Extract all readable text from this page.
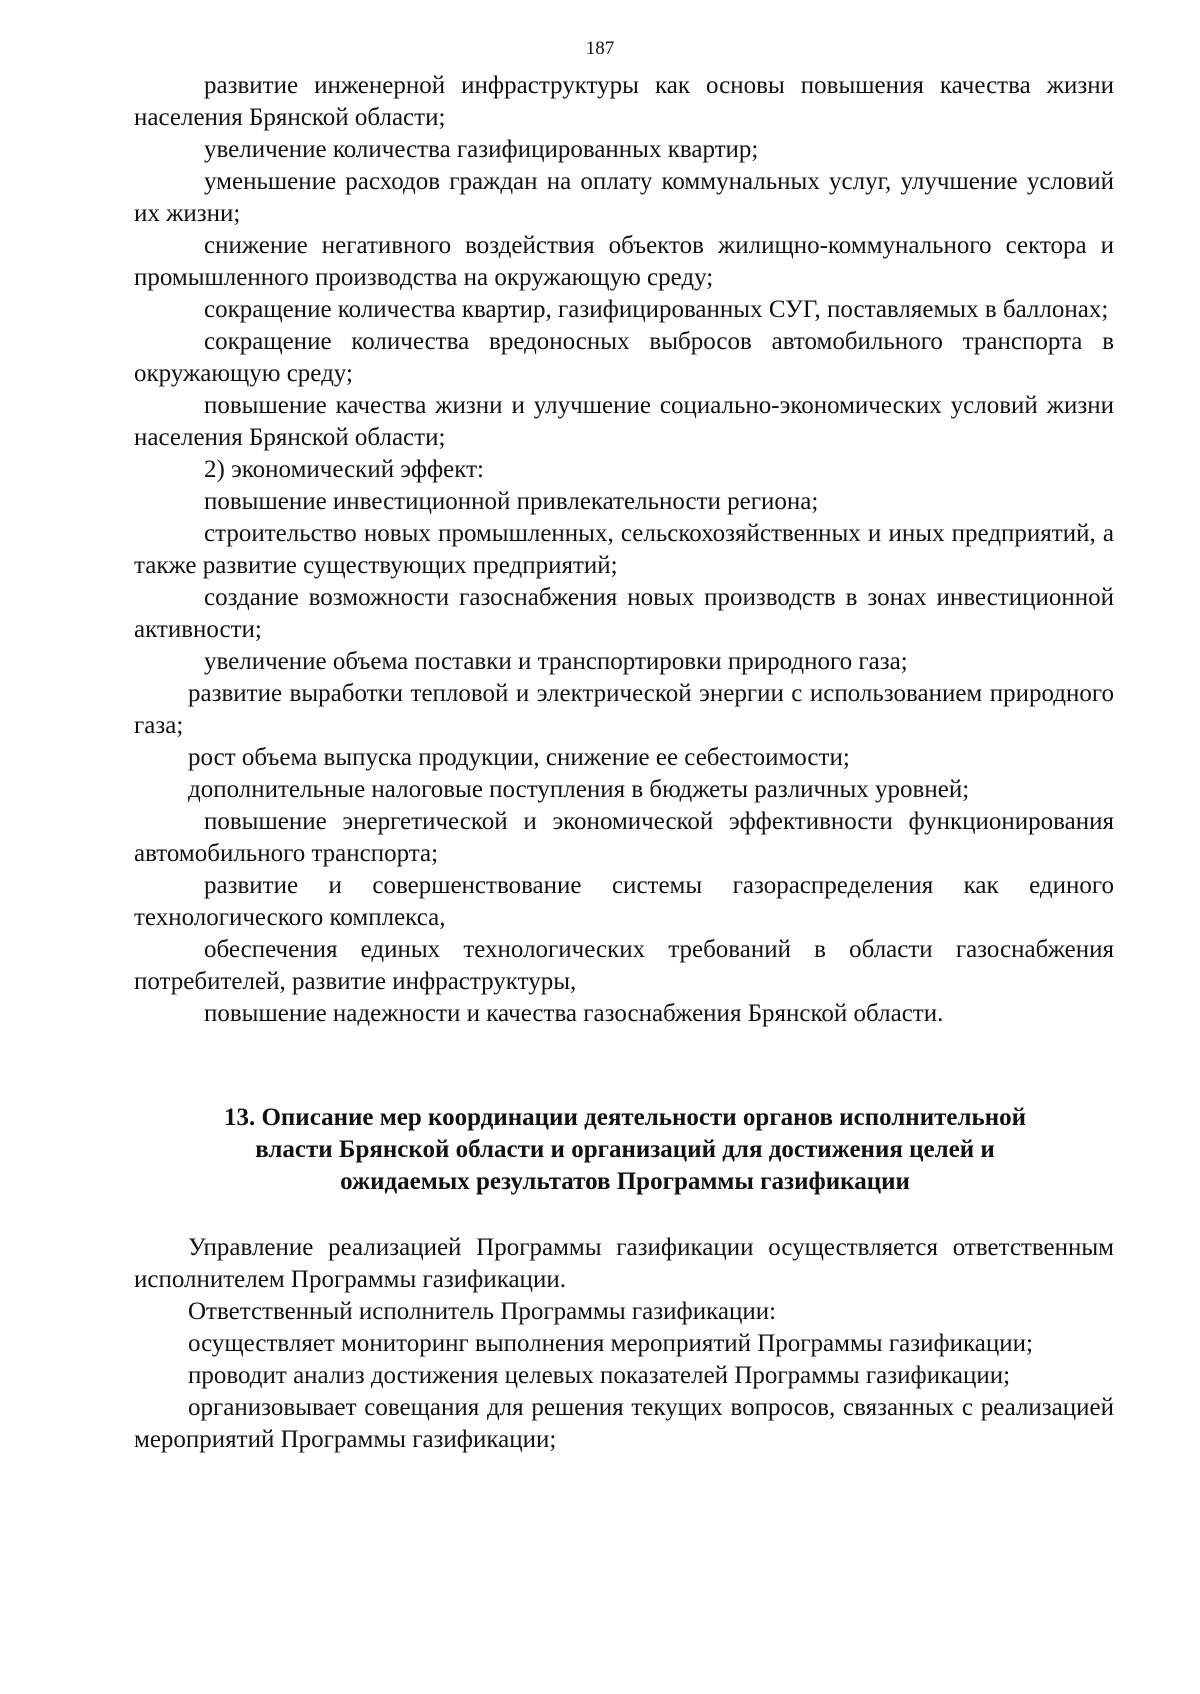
187

развитие инженерной инфраструктуры как основы повышения качества жизни населения Брянской области;

увеличение количества газифицированных квартир;

уменьшение расходов граждан на оплату коммунальных услуг, улучшение условий их жизни;

снижение негативного воздействия объектов жилищно-коммунального сектора и промышленного производства на окружающую среду;

сокращение количества квартир, газифицированных СУГ, поставляемых в баллонах;

сокращение количества вредоносных выбросов автомобильного транспорта в окружающую среду;

повышение качества жизни и улучшение социально-экономических условий жизни населения Брянской области;

2) экономический эффект:

повышение инвестиционной привлекательности региона;

строительство новых промышленных, сельскохозяйственных и иных предприятий, а также развитие существующих предприятий;

создание возможности газоснабжения новых производств в зонах инвестиционной активности;

увеличение объема поставки и транспортировки природного газа;

развитие выработки тепловой и электрической энергии с использованием природного газа;

рост объема выпуска продукции, снижение ее себестоимости;

дополнительные налоговые поступления в бюджеты различных уровней;

повышение энергетической и экономической эффективности функционирования автомобильного транспорта;

развитие и совершенствование системы газораспределения как единого технологического комплекса,

обеспечения единых технологических требований в области газоснабжения потребителей, развитие инфраструктуры,

повышение надежности и качества газоснабжения Брянской области.

13. Описание мер координации деятельности органов исполнительной
власти Брянской области и организаций для достижения целей и
ожидаемых результатов Программы газификации

Управление реализацией Программы газификации осуществляется ответственным исполнителем Программы газификации.

Ответственный исполнитель Программы газификации:

осуществляет мониторинг выполнения мероприятий Программы газификации;

проводит анализ достижения целевых показателей Программы газификации;

организовывает совещания для решения текущих вопросов, связанных с реализацией мероприятий Программы газификации;
